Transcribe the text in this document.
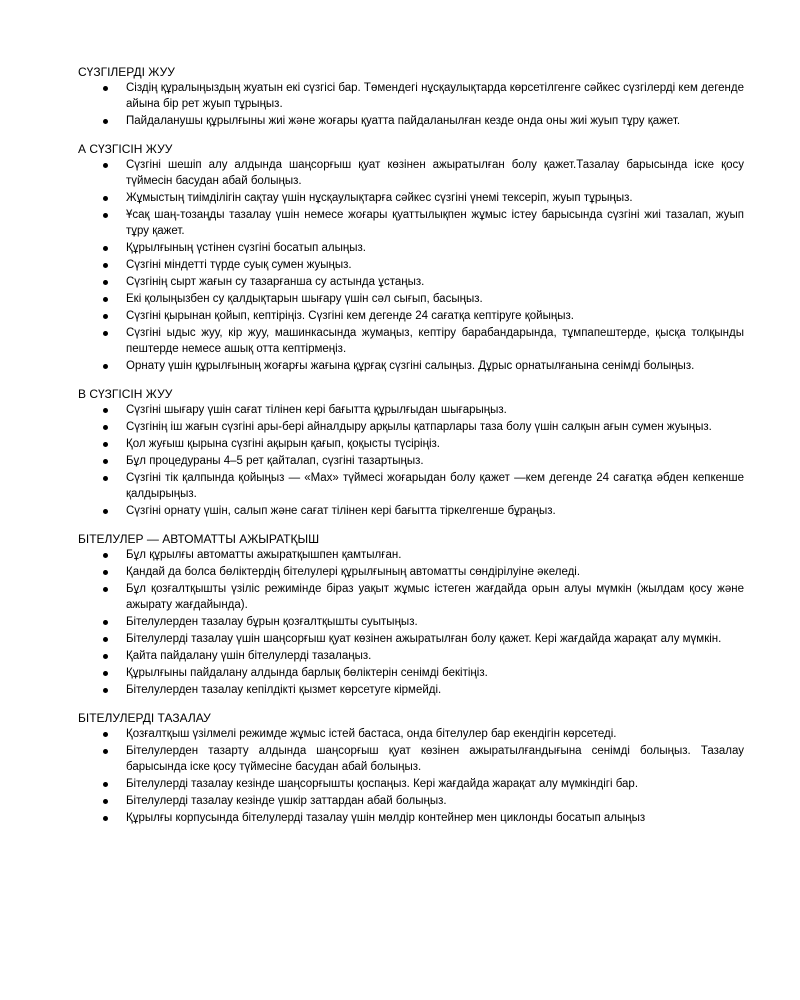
СҮЗГІЛЕРДІ ЖУУ
Сіздің құралыңыздың жуатын екі сүзгісі бар. Төмендегі нұсқаулықтарда көрсетілгенге сәйкес сүзгілерді кем дегенде айына бір рет жуып тұрыңыз.
Пайдаланушы құрылғыны жиі және жоғары қуатта пайдаланылған кезде онда оны жиі жуып тұру қажет.
А СҮЗГІСІН ЖУУ
Сүзгіні шешіп алу алдында шаңсорғыш қуат көзінен ажыратылған болу қажет.Тазалау барысында іске қосу түймесін басудан абай болыңыз.
Жұмыстың тиімділігін сақтау үшін нұсқаулықтарға сәйкес сүзгіні үнемі тексеріп, жуып тұрыңыз.
Ұсақ шаң-тозаңды тазалау үшін немесе жоғары қуаттылықпен жұмыс істеу барысында сүзгіні жиі тазалап, жуып тұру қажет.
Құрылғының үстінен сүзгіні босатып алыңыз.
Сүзгіні міндетті түрде суық сумен жуыңыз.
Сүзгінің сырт жағын су тазарғанша су астында ұстаңыз.
Екі қолыңызбен су қалдықтарын шығару үшін сәл сығып, басыңыз.
Сүзгіні қырынан қойып, кептіріңіз. Сүзгіні кем дегенде 24 сағатқа кептіруге қойыңыз.
Сүзгіні ыдыс жуу, кір жуу, машинкасында жумаңыз, кептіру барабандарында, тұмпапештерде, қысқа толқынды пештерде немесе ашық отта кептірмеңіз.
Орнату үшін құрылғының жоғарғы жағына құрғақ сүзгіні салыңыз. Дұрыс орнатылғанына сенімді болыңыз.
В СҮЗГІСІН ЖУУ
Сүзгіні шығару үшін сағат тілінен кері бағытта құрылғыдан шығарыңыз.
Сүзгінің іш жағын сүзгіні ары-бері айналдыру арқылы қатпарлары таза болу үшін салқын ағын сумен жуыңыз.
Қол жуғыш қырына сүзгіні ақырын қағып, қоқысты түсіріңіз.
Бұл процедураны 4–5 рет қайталап, сүзгіні тазартыңыз.
Сүзгіні тік қалпында қойыңыз — «Max» түймесі жоғарыдан болу қажет —кем дегенде 24 сағатқа әбден кепкенше қалдырыңыз.
Сүзгіні орнату үшін, салып және сағат тілінен кері бағытта тіркелгенше бұраңыз.
БІТЕЛУЛЕР — АВТОМАТТЫ АЖЫРАТҚЫШ
Бұл құрылғы автоматты ажыратқышпен қамтылған.
Қандай да болса бөліктердің бітелулері құрылғының автоматты сөндірілуіне әкеледі.
Бұл қозғалтқышты үзіліс режимінде біраз уақыт жұмыс істеген жағдайда орын алуы мүмкін (жылдам қосу және ажырату жағдайында).
Бітелулерден тазалау бұрын қозғалтқышты суытыңыз.
Бітелулерді тазалау үшін шаңсорғыш қуат көзінен ажыратылған болу қажет. Кері жағдайда жарақат алу мүмкін.
Қайта пайдалану үшін бітелулерді тазалаңыз.
Құрылғыны пайдалану алдында барлық бөліктерін сенімді бекітіңіз.
Бітелулерден тазалау кепілдікті қызмет көрсетуге кірмейді.
БІТЕЛУЛЕРДІ ТАЗАЛАУ
Қозғалтқыш үзілмелі режимде жұмыс істей бастаса, онда бітелулер бар екендігін көрсетеді.
Бітелулерден тазарту алдында шаңсорғыш қуат көзінен ажыратылғандығына сенімді болыңыз. Тазалау барысында іске қосу түймесіне басудан абай болыңыз.
Бітелулерді тазалау кезінде шаңсорғышты қоспаңыз. Кері жағдайда жарақат алу мүмкіндігі бар.
Бітелулерді тазалау кезінде үшкір заттардан абай болыңыз.
Құрылғы корпусында бітелулерді тазалау үшін мөлдір контейнер мен циклонды босатып алыңыз
